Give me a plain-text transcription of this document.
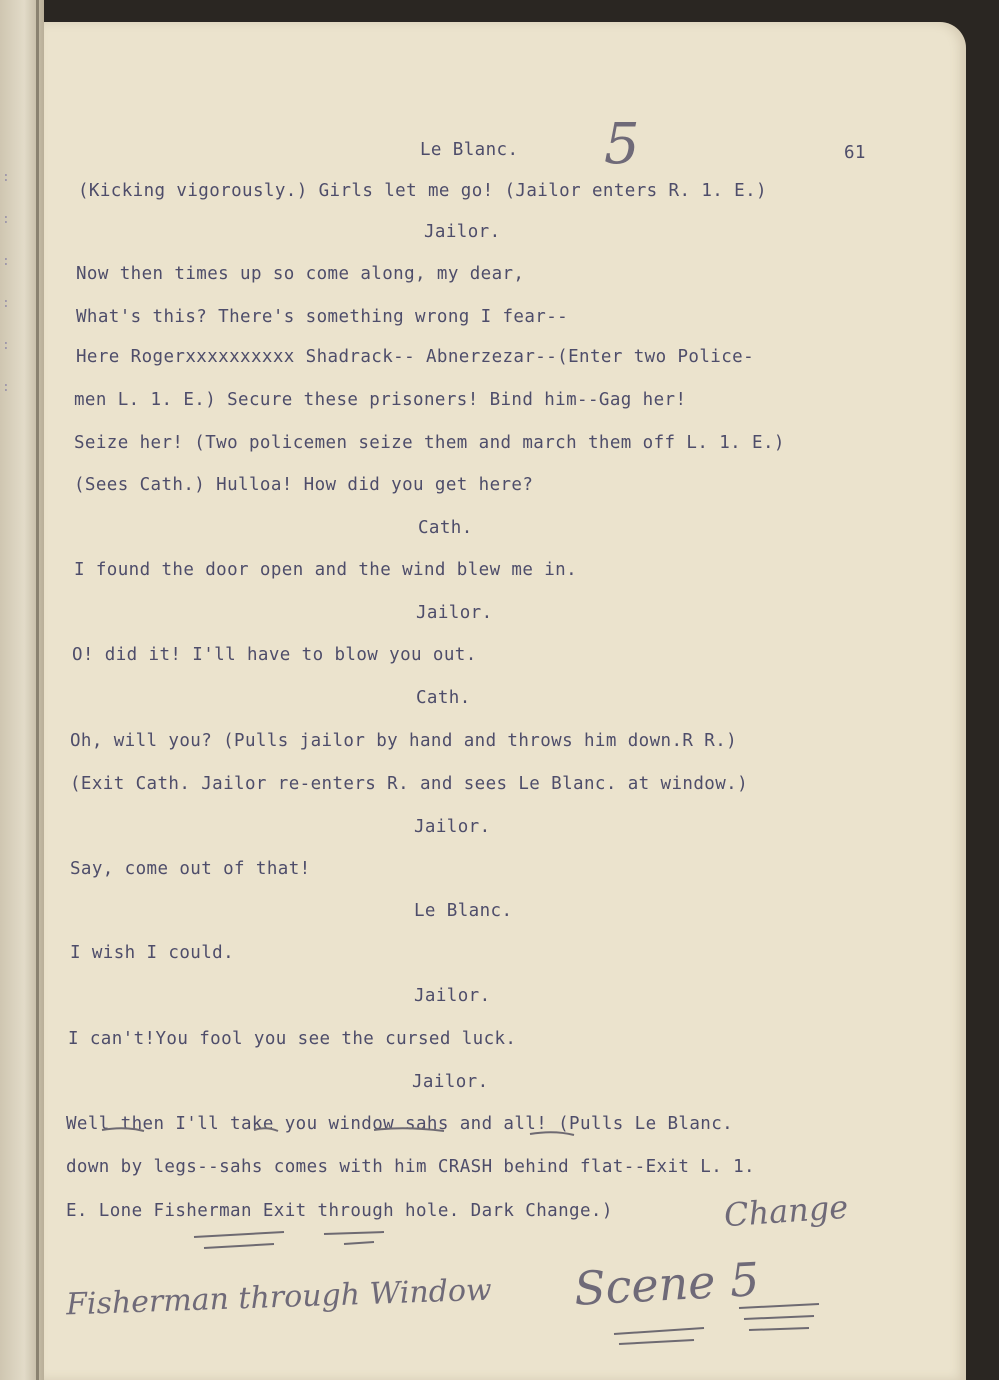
:
:
:
:
:
:
Le Blanc.	61
5
(Kicking vigorously.) Girls let me go! (Jailor enters R. 1. E.)
Jailor.
Now then times up so come along, my dear,
What's this? There's something wrong I fear--
Here Rogerxxxxxxxxxx Shadrack-- Abnerzezar--(Enter two Police-
men L. 1. E.) Secure these prisoners! Bind him--Gag her!
Seize her! (Two policemen seize them and march them off L. 1. E.)
(Sees Cath.) Hulloa! How did you get here?
Cath.
I found the door open and the wind blew me in.
Jailor.
O! did it! I'll have to blow you out.
Cath.
Oh, will you? (Pulls jailor by hand and throws him down.R R.)
(Exit Cath. Jailor re-enters R. and sees Le Blanc. at window.)
Jailor.
Say, come out of that!
Le Blanc.
I wish I could.
Jailor.
I can't!You fool you see the cursed luck.
Jailor.
Well then I'll take you window sahs and all! (Pulls Le Blanc.
down by legs--sahs comes with him CRASH behind flat--Exit L. 1.
E. Lone Fisherman Exit through hole. Dark Change.)	Change
Fisherman through Window Scene 5
